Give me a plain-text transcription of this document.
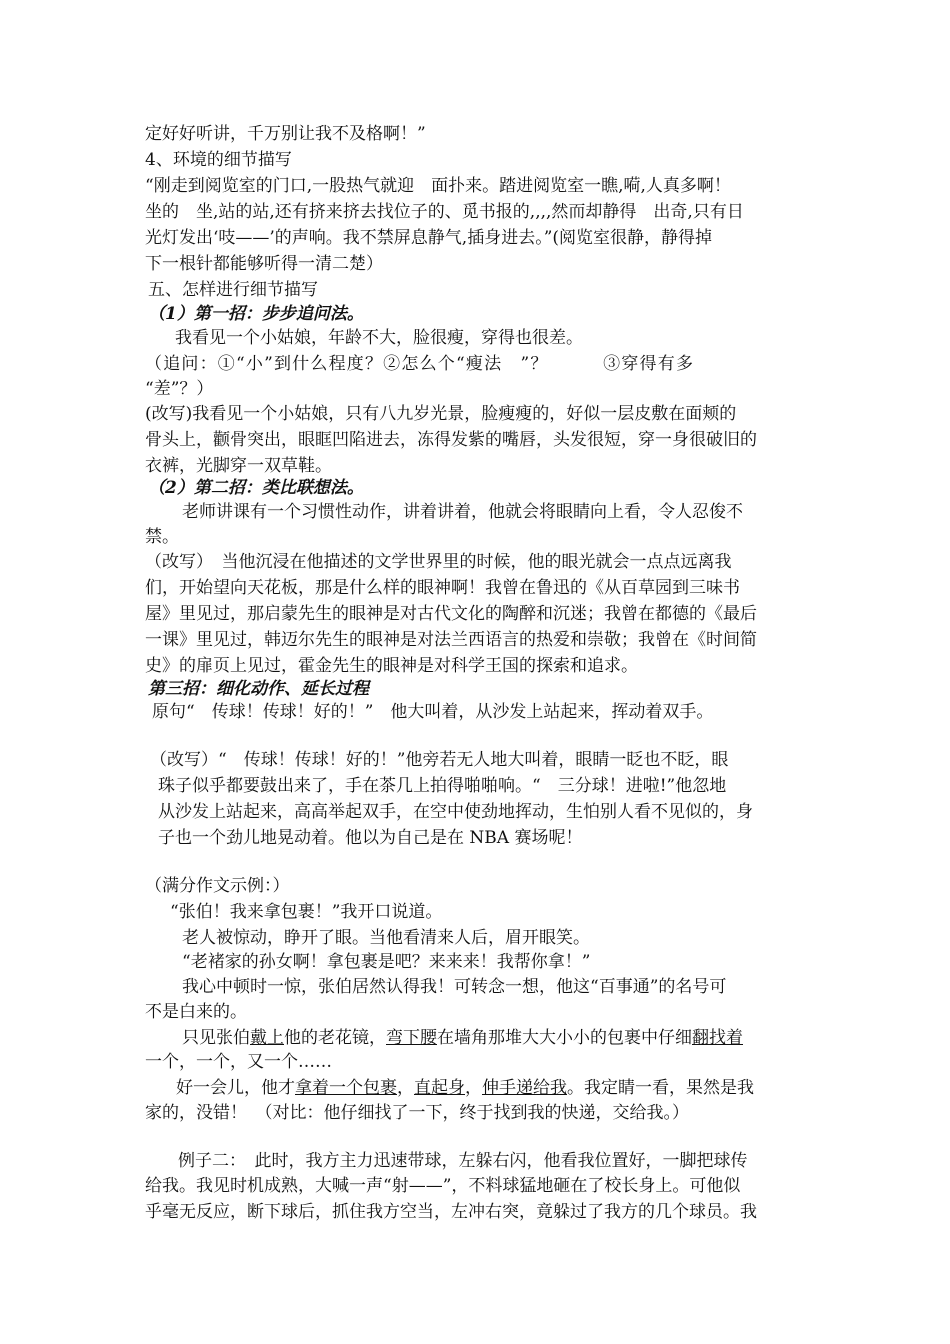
定好好听讲，千万别让我不及格啊！”
4、环境的细节描写
“刚走到阅览室的门口,一股热气就迎　面扑来。踏进阅览室一瞧,嗬,人真多啊！
坐的　坐,站的站,还有挤来挤去找位子的、觅书报的,,,,然而却静得　出奇,只有日
光灯发出‘吱——’的声响。我不禁屏息静气,插身进去。”(阅览室很静，静得掉
下一根针都能够听得一清二楚）
五、怎样进行细节描写
（1）第一招：步步追问法。
我看见一个小姑娘，年龄不大，脸很瘦，穿得也很差。
（追问：①“小”到什么程度？②怎么个“瘦法　”？　　　③穿得有多
“差”？）
(改写)我看见一个小姑娘，只有八九岁光景，脸瘦瘦的，好似一层皮敷在面颊的
骨头上，颧骨突出，眼眶凹陷进去，冻得发紫的嘴唇，头发很短，穿一身很破旧的
衣裤，光脚穿一双草鞋。
（2）第二招：类比联想法。
老师讲课有一个习惯性动作，讲着讲着，他就会将眼睛向上看，令人忍俊不
禁。
（改写）　当他沉浸在他描述的文学世界里的时候，他的眼光就会一点点远离我
们，开始望向天花板，那是什么样的眼神啊！我曾在鲁迅的《从百草园到三味书
屋》里见过，那启蒙先生的眼神是对古代文化的陶醉和沉迷；我曾在都德的《最后
一课》里见过，韩迈尔先生的眼神是对法兰西语言的热爱和崇敬；我曾在《时间简
史》的扉页上见过，霍金先生的眼神是对科学王国的探索和追求。
第三招：细化动作、延长过程
原句“　传球！传球！好的！”　他大叫着，从沙发上站起来，挥动着双手。
（改写）“　传球！传球！好的！”他旁若无人地大叫着，眼睛一眨也不眨，眼
珠子似乎都要鼓出来了，手在茶几上拍得啪啪响。“　三分球！进啦!”他忽地
从沙发上站起来，高高举起双手，在空中使劲地挥动，生怕别人看不见似的，身
子也一个劲儿地晃动着。他以为自己是在 NBA 赛场呢！
（满分作文示例：）
“张伯！我来拿包裹！”我开口说道。
老人被惊动，睁开了眼。当他看清来人后，眉开眼笑。
“老褚家的孙女啊！拿包裹是吧？来来来！我帮你拿！”
我心中顿时一惊，张伯居然认得我！可转念一想，他这“百事通”的名号可
不是白来的。
只见张伯戴上他的老花镜，弯下腰在墙角那堆大大小小的包裹中仔细翻找着
一个，一个，又一个……
好一会儿，他才拿着一个包裹，直起身，伸手递给我。我定睛一看，果然是我
家的，没错！　（对比：他仔细找了一下，终于找到我的快递，交给我。）
例子二：　此时，我方主力迅速带球，左躲右闪，他看我位置好，一脚把球传
给我。我见时机成熟，大喊一声“射——”，不料球猛地砸在了校长身上。可他似
乎毫无反应，断下球后，抓住我方空当，左冲右突，竟躲过了我方的几个球员。我
